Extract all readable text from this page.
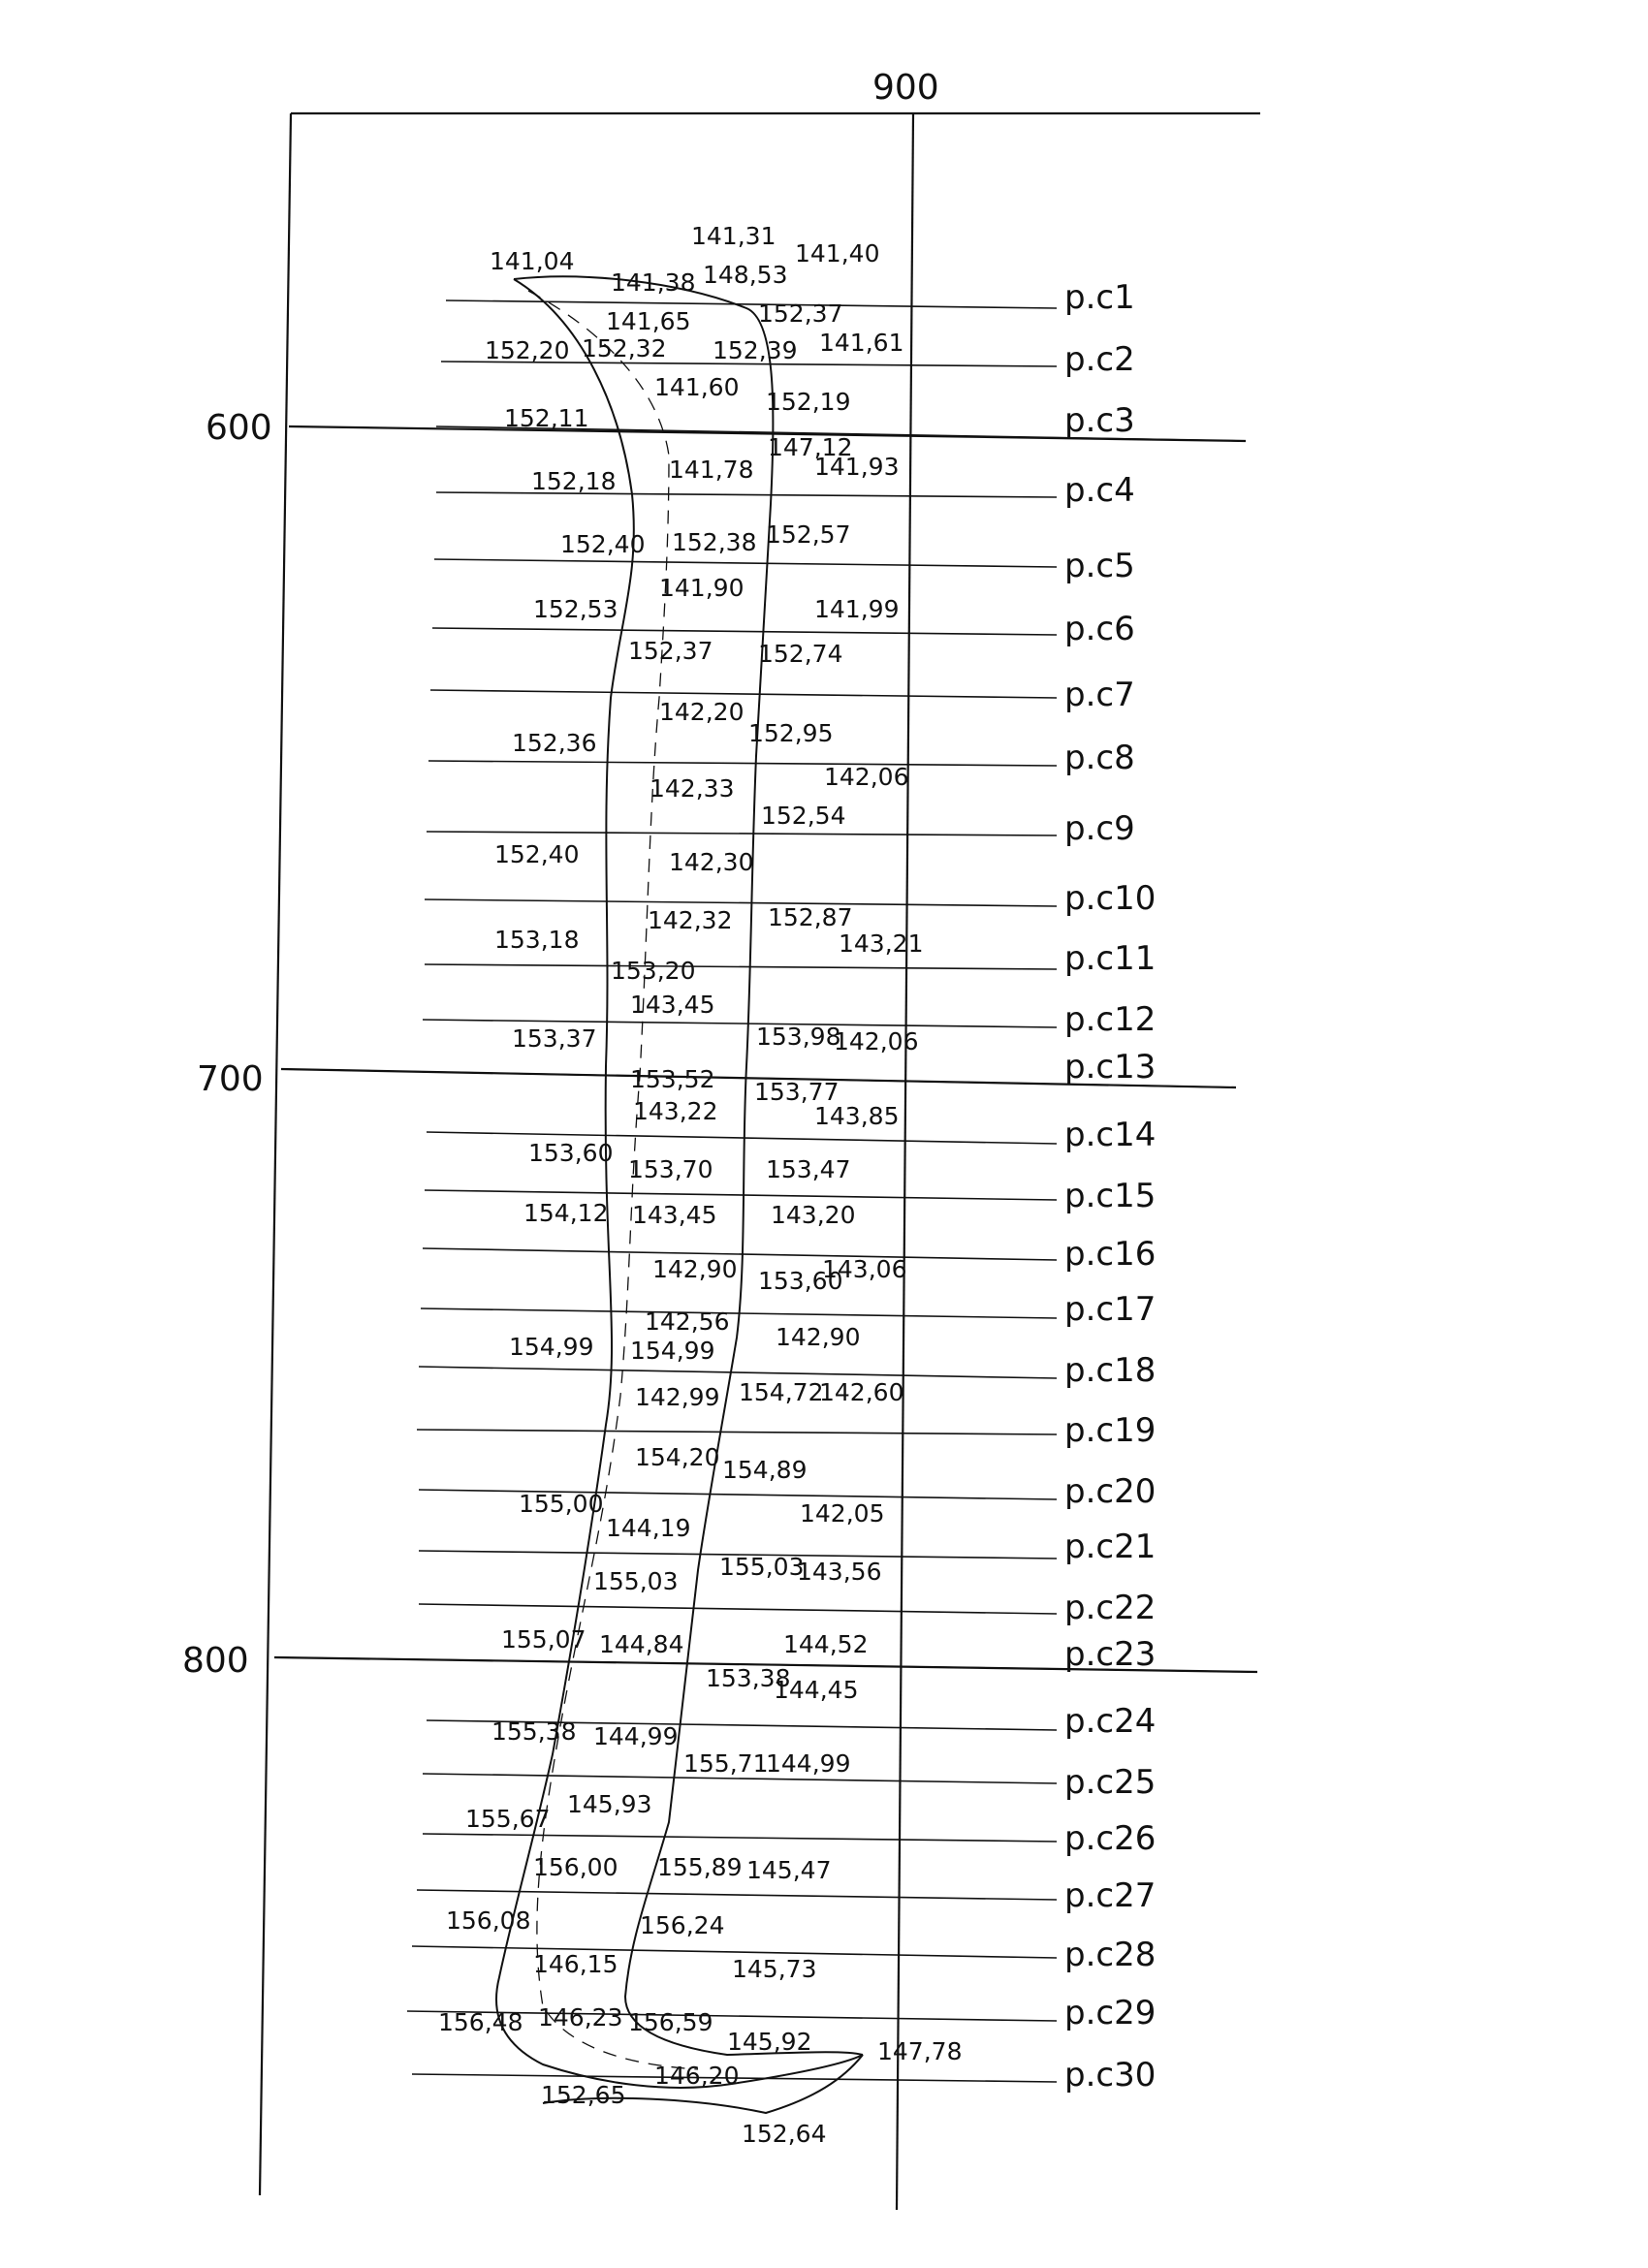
900
600
700
800
p.c1
p.c2
p.c3
p.c4
p.c5
p.c6
p.c7
p.c8
p.c9
p.c10
p.c11
p.c12
p.c13
p.c14
p.c15
p.c16
p.c17
p.c18
p.c19
p.c20
p.c21
p.c22
p.c23
p.c24
p.c25
p.c26
p.c27
p.c28
p.c29
p.c30
141,04
141,31
141,40
141,38 148,53
141,65	152,37
152,20 152,32 152,39 141,61
141,60
152,19
152,11
147,12
141,93
152,18 141,78
152,40 152,38 152,57
141,90
152,53	141,99
152,37 152,74
142,20
152,36	152,95
142,06
142,33
152,54
152,40	142,30
153,18
142,32 152,87
143,21
153,20
143,45
153,37	153,98
142,06
153,52
143,22
153,77
143,85
153,60
153,70 153,47
154,12 143,45 143,20
142,90 153,60
143,06
142,56
142,90
154,99 154,99
142,99 154,72
142,60
154,20 154,89
155,00
144,19
142,05
155,03
155,03
143,56
155,07 144,84	144,52
153,38
144,45
155,38 144,99
155,71
144,99
155,67
145,93
156,00 155,89 145,47
156,08	156,24
146,15	145,73
156,48 146,23 156,59
145,92	147,78
146,20
152,65
152,64
